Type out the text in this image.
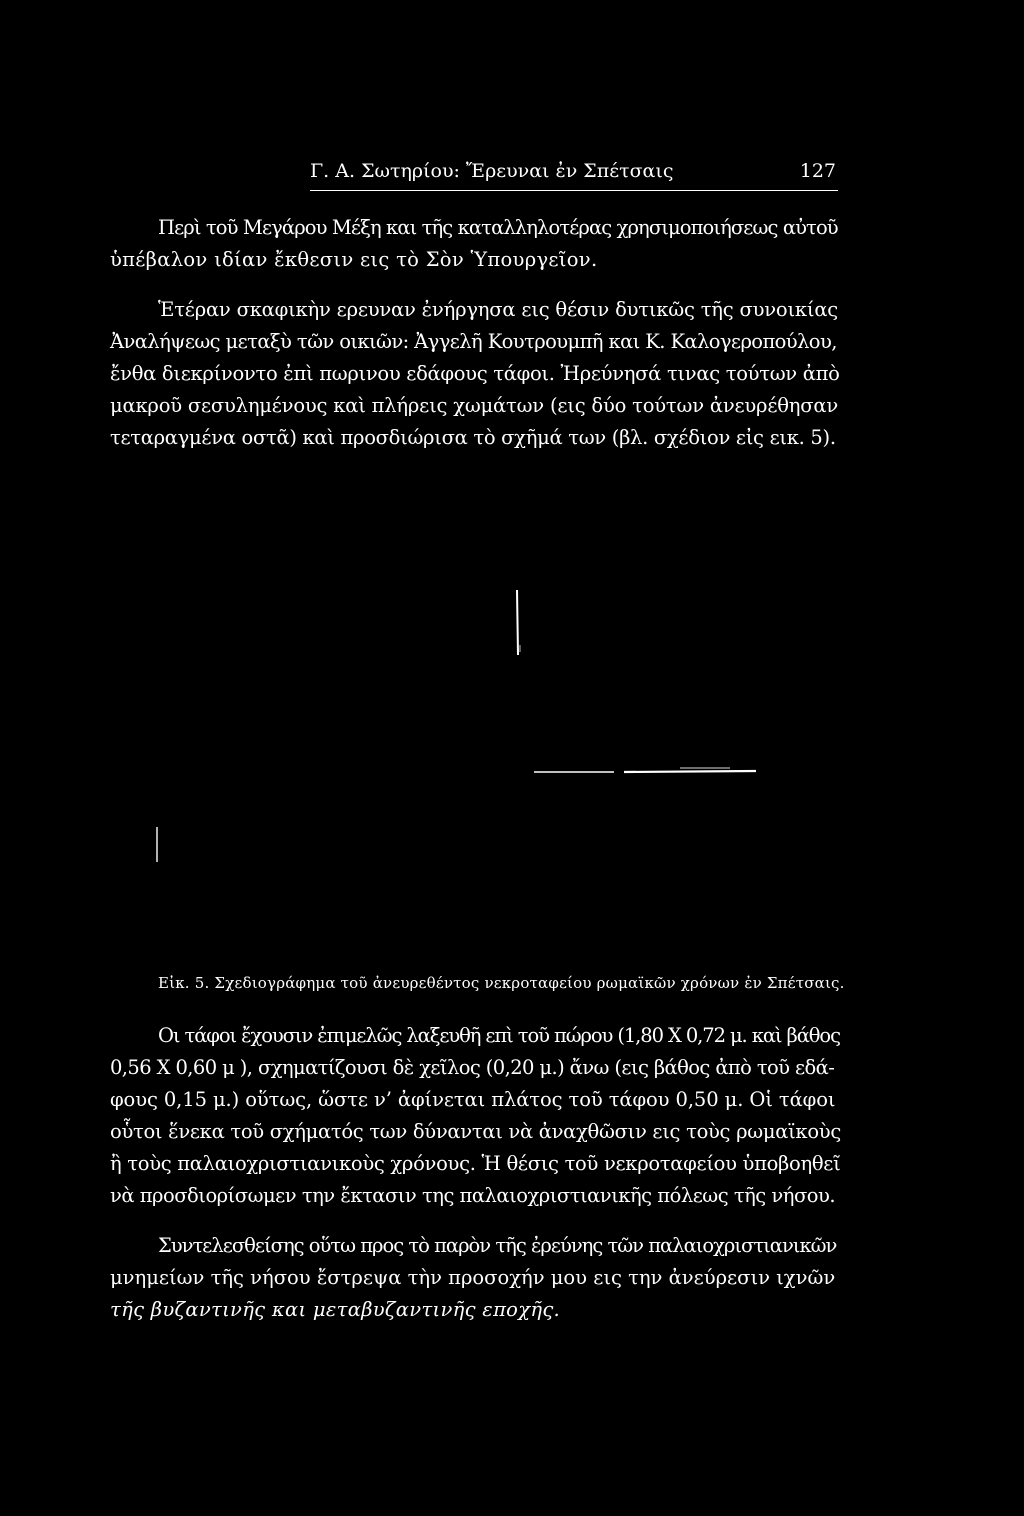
Γ. Α. Σωτηρίου: Ἔρευναι ἐν Σπέτσαις	127
Περὶ τοῦ Μεγάρου Μέξη και τῆς καταλληλοτέρας χρησιμοποιήσεως αὐτοῦ
ὑπέβαλον ιδίαν ἔκθεσιν εις τὸ Σὸν Ὑπουργεῖον.
Ἑτέραν σκαφικὴν ερευναν ἐνήργησα εις θέσιν δυτικῶς τῆς συνοικίας
Ἀναλήψεως μεταξὺ τῶν οικιῶν: Ἀγγελῆ Κουτρουμπῆ και Κ. Καλογεροπούλου,
ἔνθα διεκρίνοντο ἐπὶ πωρινου εδάφους τάφοι. Ἠρεύνησά τινας τούτων ἀπὸ
μακροῦ σεσυλημένους καὶ πλήρεις χωμάτων (εις δύο τούτων ἀνευρέθησαν
τεταραγμένα οστᾶ) καὶ προσδιώρισα τὸ σχῆμά των (βλ. σχέδιον εἰς εικ. 5).
Εἰκ. 5. Σχεδιογράφημα τοῦ ἀνευρεθέντος νεκροταφείου ρωμαϊκῶν χρόνων ἐν Σπέτσαις.
Οι τάφοι ἔχουσιν ἐπιμελῶς λαξευθῆ επὶ τοῦ πώρου (1,80 X 0,72 μ. καὶ βάθος
0,56 X 0,60 μ ), σχηματίζουσι δὲ χεῖλος (0,20 μ.) ἄνω (εις βάθος ἀπὸ τοῦ εδά-
φους 0,15 μ.) οὕτως, ὥστε ν’ ἀφίνεται πλάτος τοῦ τάφου 0,50 μ. Οἱ τάφοι
οὗτοι ἕνεκα τοῦ σχήματός των δύνανται νὰ ἀναχθῶσιν εις τοὺς ρωμαϊκοὺς
ἢ τοὺς παλαιοχριστιανικοὺς χρόνους. Ἡ θέσις τοῦ νεκροταφείου ὑποβοηθεῖ
νὰ προσδιορίσωμεν την ἔκτασιν της παλαιοχριστιανικῆς πόλεως τῆς νήσου.
Συντελεσθείσης οὕτω προς τὸ παρὸν τῆς ἐρεύνης τῶν παλαιοχριστιανικῶν
μνημείων τῆς νήσου ἔστρεψα τὴν προσοχήν μου εις την ἀνεύρεσιν ιχνῶν
τῆς βυζαντινῆς και μεταβυζαντινῆς εποχῆς.
